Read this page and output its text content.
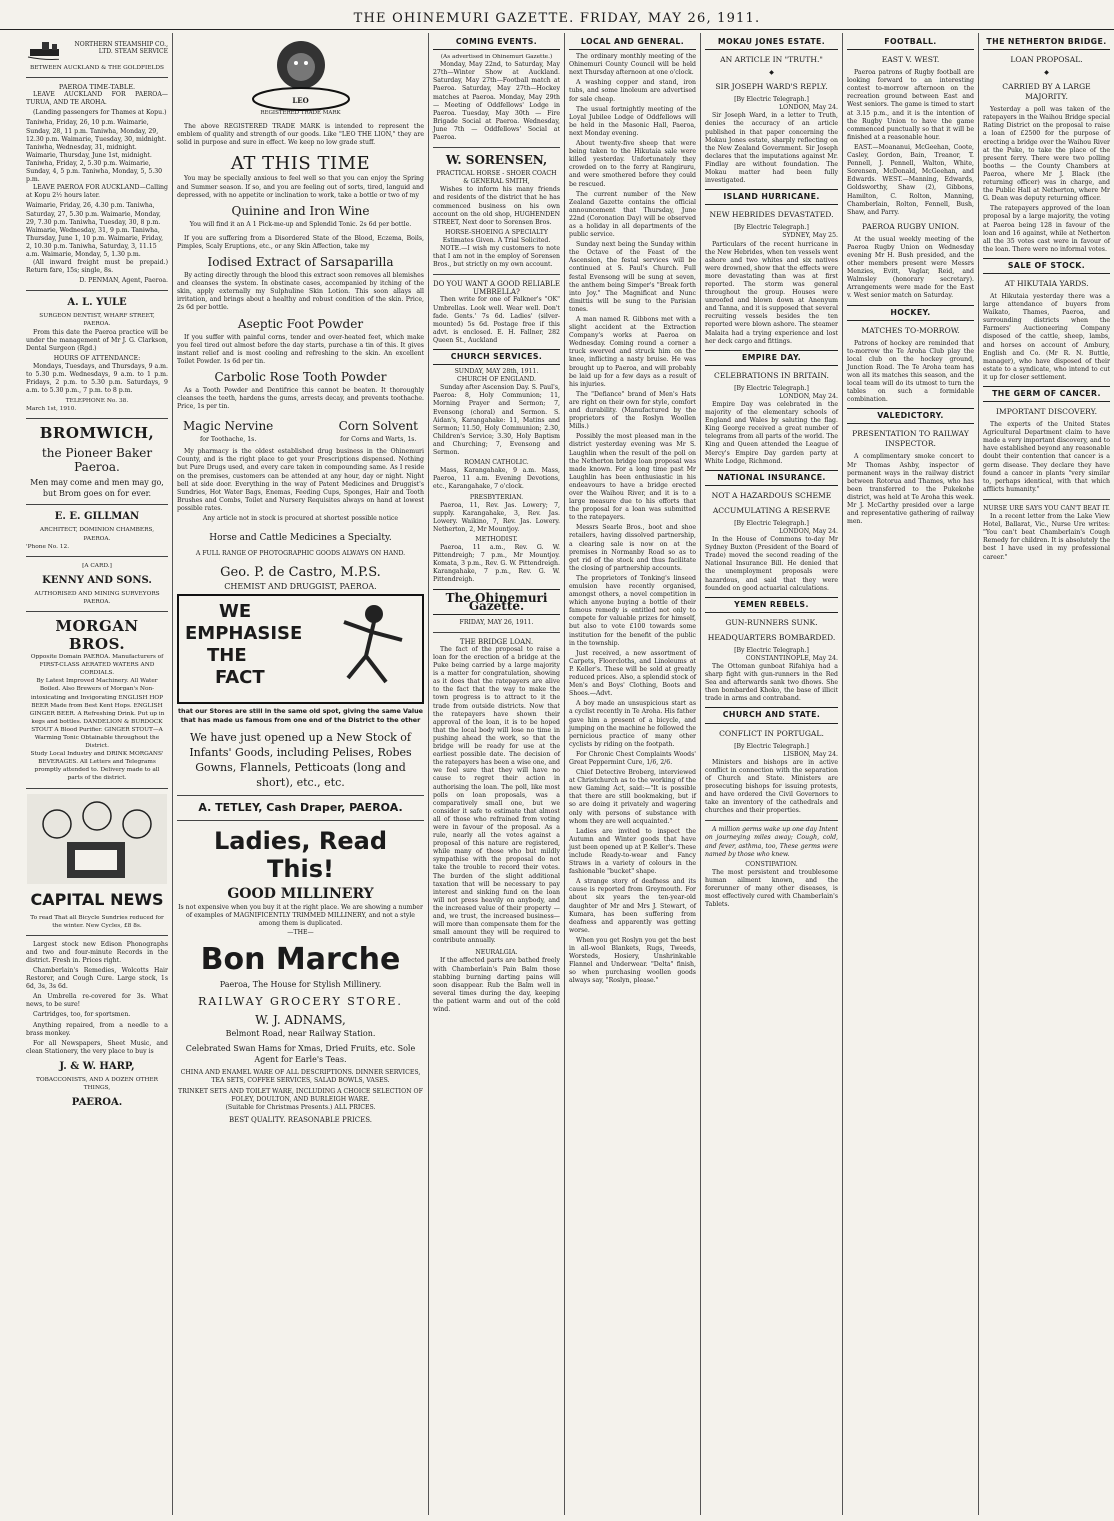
THE OHINEMURI GAZETTE. FRIDAY, MAY 26, 1911.
NORTHERN STEAMSHIP CO., LTD. STEAM SERVICE
BETWEEN AUCKLAND & THE GOLDFIELDS
PAEROA TIME-TABLE.

LEAVE AUCKLAND FOR PAEROA—TURUA, AND TE AROHA.

(Landing passengers for Thames at Kopu.)

Taniwha, Friday, 26, 10 p.m. Waimarie, Sunday, 28, 11 p.m. Taniwha, Monday, 29, 12.30 p.m. Waimarie, Tuesday, 30, midnight. Taniwha, Wednesday, 31, midnight. Waimarie, Thursday, June 1st, midnight. Taniwha, Friday, 2, 5.30 p.m. Waimarie, Sunday, 4, 5 p.m. Taniwha, Monday, 5, 5.30 p.m.

LEAVE PAEROA FOR AUCKLAND—Calling at Kopu 2½ hours later.

Waimarie, Friday, 26, 4.30 p.m. Taniwha, Saturday, 27, 5.30 p.m. Waimarie, Monday, 29, 7.30 p.m. Taniwha, Tuesday, 30, 8 p.m. Waimarie, Wednesday, 31, 9 p.m. Taniwha, Thursday, June 1, 10 p.m. Waimarie, Friday, 2, 10.30 p.m. Taniwha, Saturday, 3, 11.15 a.m. Waimarie, Monday, 5, 1.30 p.m.

(All inward freight must be prepaid.) Return fare, 15s; single, 8s.

D. PENMAN, Agent, Paeroa.
A. L. YULE
SURGEON DENTIST, WHARF STREET, PAEROA.

From this date the Paeroa practice will be under the management of Mr J. G. Clarkson, Dental Surgeon (Rgd.)

HOURS OF ATTENDANCE:

Mondays, Tuesdays, and Thursdays, 9 a.m. to 5.30 p.m. Wednesdays, 9 a.m. to 1 p.m. Fridays, 2 p.m. to 5.30 p.m. Saturdays, 9 a.m. to 5.30 p.m., 7 p.m. to 8 p.m.

TELEPHONE No. 38.
March 1st, 1910.
BROMWICH,
the Pioneer Baker Paeroa.
Men may come and men may go, but Brom goes on for ever.
E. E. GILLMAN
ARCHITECT, DOMINION CHAMBERS, PAEROA.
'Phone No. 12.
[A CARD.]
KENNY AND SONS.
AUTHORISED AND MINING SURVEYORS PAEROA.
MORGAN BROS.
Opposite Domain PAEROA. Manufacturers of FIRST-CLASS AERATED WATERS AND CORDIALS.
By Latest Improved Machinery. All Water Boiled. Also Brewers of Morgan's Non-intoxicating and Invigorating ENGLISH HOP BEER Made from Best Kent Hops. ENGLISH GINGER BEER. A Refreshing Drink. Put up in kegs and bottles. DANDELION & BURDOCK STOUT A Blood Purifier. GINGER STOUT—A Warming Tonic Obtainable throughout the District.
Study Local Industry and DRINK MORGANS' BEVERAGES. All Letters and Telegrams promptly attended to. Delivery made to all parts of the district.
CAPITAL NEWS
To read That all Bicycle Sundries reduced for the winter. New Cycles, £8 8s.

Largest stock new Edison Phonographs and two and four-minute Records in the district. Fresh in. Prices right.

Chamberlain's Remedies, Wolcotts Hair Restorer, and Cough Cure. Large stock, 1s 6d, 3s, 3s 6d.

An Umbrella re-covered for 3s. What news, to be sure!

Cartridges, too, for sportsmen.

Anything repaired, from a needle to a brass monkey.

For all Newspapers, Sheet Music, and clean Stationery, the very place to buy is

J. & W. HARP,
TOBACCONISTS, AND A DOZEN OTHER THINGS,
PAEROA.
LEO
REGISTERED TRADE MARK

The above REGISTERED TRADE MARK is intended to represent the emblem of quality and strength of our goods. Like "LEO THE LION," they are solid in purpose and sure in effect. We keep no low grade stuff.

AT THIS TIME

You may be specially anxious to feel well so that you can enjoy the Spring and Summer season. If so, and you are feeling out of sorts, tired, languid and depressed, with no appetite or inclination to work, take a bottle or two of my

Quinine and Iron Wine
You will find it an A 1 Pick-me-up and Splendid Tonic. 2s 6d per bottle.

If you are suffering from a Disordered State of the Blood, Eczema, Boils, Pimples, Scaly Eruptions, etc., or any Skin Affection, take my

Iodised Extract of Sarsaparilla

By acting directly through the blood this extract soon removes all blemishes and cleanses the system. In obstinate cases, accompanied by itching of the skin, apply externally my Sulphuline Skin Lotion. This soon allays all irritation, and brings about a healthy and robust condition of the skin. Price, 2s 6d per bottle.

Aseptic Foot Powder

If you suffer with painful corns, tender and over-heated feet, which make you feel tired out almost before the day starts, purchase a tin of this. It gives instant relief and is most cooling and refreshing to the skin. An excellent Toilet Powder. 1s 6d per tin.

Carbolic Rose Tooth Powder

As a Tooth Powder and Dentifrice this cannot be beaten. It thoroughly cleanses the teeth, hardens the gums, arrests decay, and prevents toothache. Price, 1s per tin.

Magic Nervine
for Toothache, 1s.
Corn Solvent
for Corns and Warts, 1s.

My pharmacy is the oldest established drug business in the Ohinemuri County, and is the right place to get your Prescriptions dispensed. Nothing but Pure Drugs used, and every care taken in compounding same. As I reside on the premises, customers can be attended at any hour, day or night. Night bell at side door. Everything in the way of Patent Medicines and Druggist's Sundries, Hot Water Bags, Enemas, Feeding Cups, Sponges, Hair and Tooth Brushes and Combs, Toilet and Nursery Requisites always on hand at lowest possible rates.

Any article not in stock is procured at shortest possible notice
Horse and Cattle Medicines a Specialty.
A FULL RANGE OF PHOTOGRAPHIC GOODS ALWAYS ON HAND.
Geo. P. de Castro, M.P.S.
CHEMIST AND DRUGGIST, PAEROA.
WE
EMPHASISE
THE
FACT
that our Stores are still in the same old spot, giving the same Value that has made us famous from one end of the District to the other
We have just opened up a New Stock of Infants' Goods, including Pelises, Robes Gowns, Flannels, Petticoats (long and short), etc., etc.
A. TETLEY, Cash Draper, PAEROA.
Ladies, Read This!
GOOD MILLINERY
Is not expensive when you buy it at the right place. We are showing a number of examples of MAGNIFICENTLY TRIMMED MILLINERY, and not a style among them is duplicated.
—THE—
Bon Marche
Paeroa, The House for Stylish Millinery.
RAILWAY GROCERY STORE.
W. J. ADNAMS,
Belmont Road, near Railway Station.
Celebrated Swan Hams for Xmas, Dried Fruits, etc. Sole Agent for Earle's Teas.
CHINA AND ENAMEL WARE OF ALL DESCRIPTIONS. DINNER SERVICES, TEA SETS, COFFEE SERVICES, SALAD BOWLS, VASES.
TRINKET SETS AND TOILET WARE, INCLUDING A CHOICE SELECTION OF FOLEY, DOULTON, AND BURLEIGH WARE.
(Suitable for Christmas Presents.) ALL PRICES.
BEST QUALITY. REASONABLE PRICES.
COMING EVENTS.
(As advertised in Ohinemuri Gazette.)

Monday, May 22nd, to Saturday, May 27th—Winter Show at Auckland. Saturday, May 27th—Football match at Paeroa. Saturday, May 27th—Hockey matches at Paeroa. Monday, May 29th — Meeting of Oddfellows' Lodge in Paeroa. Tuesday, May 30th — Fire Brigade Social at Paeroa. Wednesday, June 7th — Oddfellows' Social at Paeroa.

W. SORENSEN,
PRACTICAL HORSE - SHOER COACH & GENERAL SMITH,

Wishes to inform his many friends and residents of the district that he has commenced business on his own account on the old shop, HUGHENDEN STREET, Next door to Sorensen Bros.

HORSE-SHOEING A SPECIALTY Estimates Given. A Trial Solicited.

NOTE.—I wish my customers to note that I am not in the employ of Sorensen Bros., but strictly on my own account.

DO YOU WANT A GOOD RELIABLE UMBRELLA?

Then write for one of Falkner's "OK" Umbrellas. Look well. Wear well. Don't fade. Gents.' 7s 6d. Ladies' (silver-mounted) 5s 6d. Postage free if this advt. is enclosed. E. H. Fallner, 282 Queen St., Auckland

CHURCH SERVICES.
SUNDAY, MAY 28th, 1911.
CHURCH OF ENGLAND.

Sunday after Ascension Day. S. Paul's, Paeroa: 8, Holy Communion; 11, Morning Prayer and Sermon; 7, Evensong (choral) and Sermon. S. Aidan's, Karangahake: 11, Matins and Sermon; 11.50, Holy Communion; 2.30, Children's Service; 3.30, Holy Baptism and Churching; 7, Evensong and Sermon.

ROMAN CATHOLIC.

Mass, Karangahake, 9 a.m. Mass, Paeroa, 11 a.m. Evening Devotions, etc., Karangahake, 7 o'clock.

PRESBYTERIAN.

Paeroa, 11, Rev. Jas. Lowery; 7, supply. Karangahake, 3, Rev. Jas. Lowery. Waikino, 7, Rev. Jas. Lowery. Netherton, 2, Mr Mountjoy.

METHODIST.

Paeroa, 11 a.m., Rev. G. W. Pittendreigh; 7 p.m., Mr Mountjoy. Komata, 3 p.m., Rev. G. W. Pittendreigh. Karangahake, 7 p.m., Rev. G. W. Pittendreigh.

The Ohinemuri Gazette.
FRIDAY, MAY 26, 1911.
THE BRIDGE LOAN.

The fact of the proposal to raise a loan for the erection of a bridge at the Puke being carried by a large majority is a matter for congratulation, showing as it does that the ratepayers are alive to the fact that the way to make the town progress is to attract to it the trade from outside districts. Now that the ratepayers have shown their approval of the loan, it is to be hoped that the local body will lose no time in pushing ahead the work, so that the bridge will be ready for use at the earliest possible date. The decision of the ratepayers has been a wise one, and we feel sure that they will have no cause to regret their action in authorising the loan. The poll, like most polls on loan proposals, was a comparatively small one, but we consider it safe to estimate that almost all of those who refrained from voting were in favour of the proposal. As a rule, nearly all the votes against a proposal of this nature are registered, while many of those who but mildly sympathise with the proposal do not take the trouble to record their votes. The burden of the slight additional taxation that will be necessary to pay interest and sinking fund on the loan will not press heavily on anybody, and the increased value of their property —and, we trust, the increased business—will more than compensate them for the small amount they will be required to contribute annually.

NEURALGIA.

If the affected parts are bathed freely with Chamberlain's Pain Balm those stabbing burning darting pains will soon disappear. Rub the Balm well in several times during the day, keeping the patient warm and out of the cold wind.

LOCAL AND GENERAL.

The ordinary monthly meeting of the Ohinemuri County Council will be held next Thursday afternoon at one o'clock.

A washing copper and stand, iron tubs, and some linoleum are advertised for sale cheap.

The usual fortnightly meeting of the Loyal Jubilee Lodge of Oddfellows will be held in the Masonic Hall, Paeroa, next Monday evening.

About twenty-five sheep that were being taken to the Hikutaia sale were killed yesterday. Unfortunately they crowded on to the ferry at Rangiruru, and were smothered before they could be rescued.

The current number of the New Zealand Gazette contains the official announcement that Thursday, June 22nd (Coronation Day) will be observed as a holiday in all departments of the public service.

Sunday next being the Sunday within the Octave of the Feast of the Ascension, the festal services will be continued at S. Paul's Church. Full festal Evensong will be sung at seven, the anthem being Simper's "Break forth into Joy." The Magnificat and Nunc dimittis will be sung to the Parisian tones.

A man named R. Gibbons met with a slight accident at the Extraction Company's works at Paeroa on Wednesday. Coming round a corner a truck swerved and struck him on the knee, inflicting a nasty bruise. He was brought up to Paeroa, and will probably be laid up for a few days as a result of his injuries.

The "Defiance" brand of Men's Hats are right on their own for style, comfort and durability. (Manufactured by the proprietors of the Roslyn Woollen Mills.)

Possibly the most pleased man in the district yesterday evening was Mr S. Laughlin when the result of the poll on the Netherton bridge loan proposal was made known. For a long time past Mr Laughlin has been enthusiastic in his endeavours to have a bridge erected over the Waihou River, and it is to a large measure due to his efforts that the proposal for a loan was submitted to the ratepayers.

Messrs Searle Bros., boot and shoe retailers, having dissolved partnership, a clearing sale is now on at the premises in Normanby Road so as to get rid of the stock and thus facilitate the closing of partnership accounts.

The proprietors of Tonking's linseed emulsion have recently organised, amongst others, a novel competition in which anyone buying a bottle of their famous remedy is entitled not only to compete for valuable prizes for himself, but also to vote £100 towards some institution for the benefit of the public in the township.

Just received, a new assortment of Carpets, Floorcloths, and Linoleums at P. Keller's. These will be sold at greatly reduced prices. Also, a splendid stock of Men's and Boys' Clothing, Boots and Shoes.—Advt.

A boy made an unsuspicious start as a cyclist recently in Te Aroha. His father gave him a present of a bicycle, and jumping on the machine he followed the pernicious practice of many other cyclists by riding on the footpath.

For Chronic Chest Complaints Woods' Great Peppermint Cure, 1/6, 2/6.

Chief Detective Broberg, interviewed at Christchurch as to the working of the new Gaming Act, said:—"It is possible that there are still bookmaking, but if so are doing it privately and wagering only with persons of substance with whom they are well acquainted."

Ladies are invited to inspect the Autumn and Winter goods that have just been opened up at P. Keller's. These include Ready-to-wear and Fancy Straws in a variety of colours in the fashionable "bucket" shape.

A strange story of deafness and its cause is reported from Greymouth. For about six years the ten-year-old daughter of Mr and Mrs J. Stewart, of Kumara, has been suffering from deafness and apparently was getting worse.

When you get Roslyn you get the best in all-wool Blankets, Rugs, Tweeds, Worsteds, Hosiery, Unshrinkable Flannel and Underwear. "Delta" finish, so when purchasing woollen goods always say, "Roslyn, please."

MOKAU JONES ESTATE.
AN ARTICLE IN "TRUTH."
◆
SIR JOSEPH WARD'S REPLY.
[By Electric Telegraph.]
LONDON, May 24.

Sir Joseph Ward, in a letter to Truth, denies the accuracy of an article published in that paper concerning the Mokau Jones estate, sharply reflecting on the New Zealand Government. Sir Joseph declares that the imputations against Mr. Findlay are without foundation. The Mokau matter had been fully investigated.

ISLAND HURRICANE.
NEW HEBRIDES DEVASTATED.
[By Electric Telegraph.]
SYDNEY, May 25.

Particulars of the recent hurricane in the New Hebrides, when ten vessels went ashore and two whites and six natives were drowned, show that the effects were more devastating than was at first reported. The storm was general throughout the group. Houses were unroofed and blown down at Anenyum and Tanna, and it is supposed that several recruiting vessels besides the ten reported were blown ashore. The steamer Malaita had a trying experience and lost her deck cargo and fittings.

EMPIRE DAY.
CELEBRATIONS IN BRITAIN.
[By Electric Telegraph.]
LONDON, May 24.

Empire Day was celebrated in the majority of the elementary schools of England and Wales by saluting the flag. King George received a great number of telegrams from all parts of the world. The King and Queen attended the League of Mercy's Empire Day garden party at White Lodge, Richmond.

NATIONAL INSURANCE.
NOT A HAZARDOUS SCHEME
ACCUMULATING A RESERVE
[By Electric Telegraph.]
LONDON, May 24.

In the House of Commons to-day Mr Sydney Buxton (President of the Board of Trade) moved the second reading of the National Insurance Bill. He denied that the unemployment proposals were hazardous, and said that they were founded on good actuarial calculations.

YEMEN REBELS.
GUN-RUNNERS SUNK.
HEADQUARTERS BOMBARDED.
[By Electric Telegraph.]
CONSTANTINOPLE, May 24.

The Ottoman gunboat Rifahiya had a sharp fight with gun-runners in the Red Sea and afterwards sank two dhows. She then bombarded Khoko, the base of illicit trade in arms and contraband.

CHURCH AND STATE.
CONFLICT IN PORTUGAL.
[By Electric Telegraph.]
LISBON, May 24.

Ministers and bishops are in active conflict in connection with the separation of Church and State. Ministers are prosecuting bishops for issuing protests, and have ordered the Civil Governors to take an inventory of the cathedrals and churches and their properties.

A million germs wake up one day Intent on journeying miles away; Cough, cold, and fever, asthma, too, These germs were named by those who knew.

CONSTIPATION.

The most persistent and troublesome human ailment known, and the forerunner of many other diseases, is most effectively cured with Chamberlain's Tablets.

FOOTBALL.
EAST V. WEST.

Paeroa patrons of Rugby football are looking forward to an interesting contest to-morrow afternoon on the recreation ground between East and West seniors. The game is timed to start at 3.15 p.m., and it is the intention of the Rugby Union to have the game commenced punctually so that it will be finished at a reasonable hour.

EAST.—Moananui, McGeehan, Coote, Casley, Gordon, Bain, Treanor, T. Pennell, J. Pennell, Walton, White, Sorensen, McDonald, McGeehan, and Edwards. WEST.—Manning, Edwards, Goldsworthy, Shaw (2), Gibbons, Hamilton, C. Rolton, Manning, Chamberlain, Rolton, Fennell, Bush, Shaw, and Parry.

PAEROA RUGBY UNION.

At the usual weekly meeting of the Paeroa Rugby Union on Wednesday evening Mr H. Bush presided, and the other members present were Messrs Menzies, Evitt, Vaglar, Reid, and Walmsley (honorary secretary). Arrangements were made for the East v. West senior match on Saturday.

HOCKEY.
MATCHES TO-MORROW.

Patrons of hockey are reminded that to-morrow the Te Aroha Club play the local club on the hockey ground, Junction Road. The Te Aroha team has won all its matches this season, and the local team will do its utmost to turn the tables on such a formidable combination.

VALEDICTORY.
PRESENTATION TO RAILWAY INSPECTOR.

A complimentary smoke concert to Mr Thomas Ashby, inspector of permanent ways in the railway district between Rotorua and Thames, who has been transferred to the Pukekohe district, was held at Te Aroha this week. Mr J. McCarthy presided over a large and representative gathering of railway men.

THE NETHERTON BRIDGE.
LOAN PROPOSAL.
◆
CARRIED BY A LARGE MAJORITY.

Yesterday a poll was taken of the ratepayers in the Waihou Bridge special Rating District on the proposal to raise a loan of £2500 for the purpose of erecting a bridge over the Waihou River at the Puke, to take the place of the present ferry. There were two polling booths — the County Chambers at Paeroa, where Mr J. Black (the returning officer) was in charge, and the Public Hall at Netherton, where Mr G. Dean was deputy returning officer.

The ratepayers approved of the loan proposal by a large majority, the voting at Paeroa being 128 in favour of the loan and 16 against, while at Netherton all the 35 votes cast were in favour of the loan. There were no informal votes.

SALE OF STOCK.
AT HIKUTAIA YARDS.

At Hikutaia yesterday there was a large attendance of buyers from Waikato, Thames, Paeroa, and surrounding districts when the Farmers' Auctioneering Company disposed of the cattle, sheep, lambs, and horses on account of Ambury, English and Co. (Mr R. N. Buttle, manager), who have disposed of their estate to a syndicate, who intend to cut it up for closer settlement.

THE GERM OF CANCER.
IMPORTANT DISCOVERY.

The experts of the United States Agricultural Department claim to have made a very important discovery, and to have established beyond any reasonable doubt their contention that cancer is a germ disease. They declare they have found a cancer in plants "very similar to, perhaps identical, with that which afflicts humanity."

NURSE URE SAYS YOU CAN'T BEAT IT.

In a recent letter from the Lake View Hotel, Ballarat, Vic., Nurse Ure writes: "You can't beat Chamberlain's Cough Remedy for children. It is absolutely the best I have used in my professional career."
